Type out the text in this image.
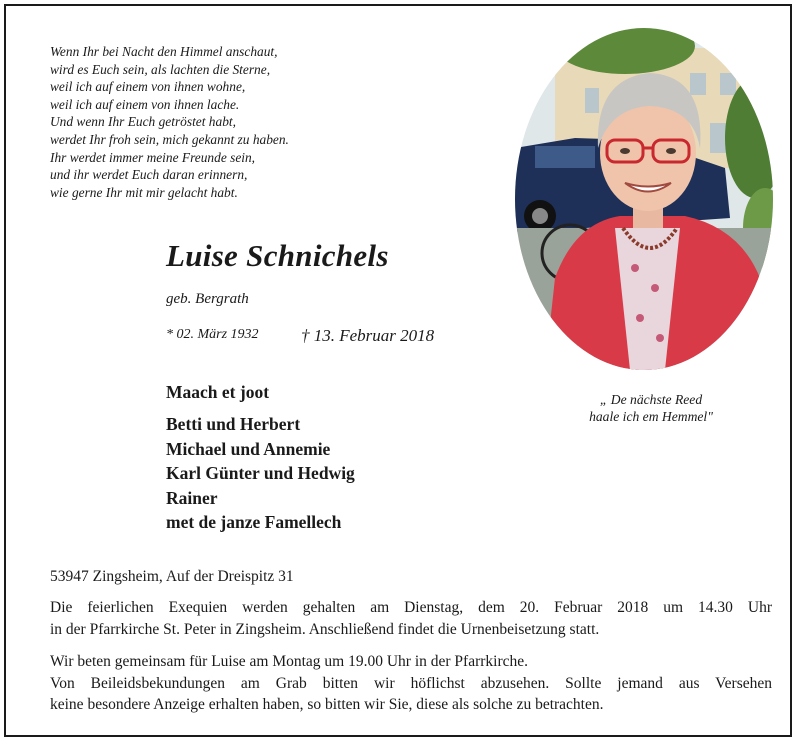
Wenn Ihr bei Nacht den Himmel anschaut,
wird es Euch sein, als lachten die Sterne,
weil ich auf einem von ihnen wohne,
weil ich auf einem von ihnen lache.
Und wenn Ihr Euch getröstet habt,
werdet Ihr froh sein, mich gekannt zu haben.
Ihr werdet immer meine Freunde sein,
und ihr werdet Euch daran erinnern,
wie gerne Ihr mit mir gelacht habt.
Luise Schnichels
geb. Bergrath
* 02. März 1932 † 13. Februar 2018
Maach et joot
Betti und Herbert
Michael und Annemie
Karl Günter und Hedwig
Rainer
met de janze Famellech
„ De nächste Reed
haale ich em Hemmel"
53947 Zingsheim, Auf der Dreispitz 31
Die feierlichen Exequien werden gehalten am Dienstag, dem 20. Februar 2018 um 14.30 Uhr
in der Pfarrkirche St. Peter in Zingsheim. Anschließend findet die Urnenbeisetzung statt.
Wir beten gemeinsam für Luise am Montag um 19.00 Uhr in der Pfarrkirche.
Von Beileidsbekundungen am Grab bitten wir höflichst abzusehen. Sollte jemand aus Versehen
keine besondere Anzeige erhalten haben, so bitten wir Sie, diese als solche zu betrachten.
